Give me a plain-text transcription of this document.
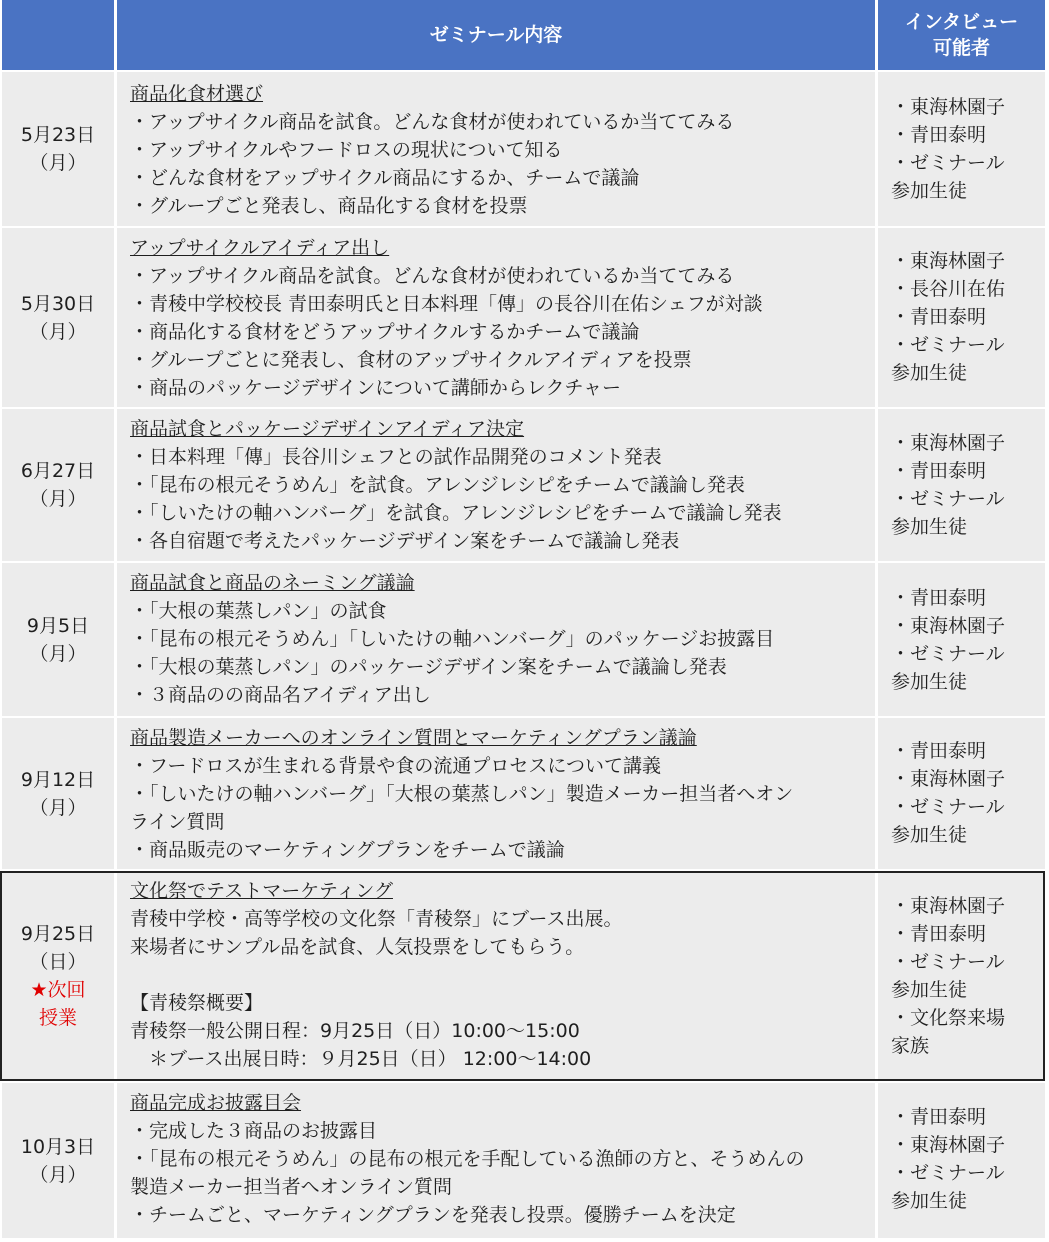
ゼミナール内容
インタビュー
可能者
5月23日
（月）
商品化食材選び
・アップサイクル商品を試食。どんな食材が使われているか当ててみる
・アップサイクルやフードロスの現状について知る
・どんな食材をアップサイクル商品にするか、チームで議論
・グループごと発表し、商品化する食材を投票
・東海林園子
・青田泰明
・ゼミナール
参加生徒
5月30日
（月）
アップサイクルアイディア出し
・アップサイクル商品を試食。どんな食材が使われているか当ててみる
・青稜中学校校長 青田泰明氏と日本料理「傳」の長谷川在佑シェフが対談
・商品化する食材をどうアップサイクルするかチームで議論
・グループごとに発表し、食材のアップサイクルアイディアを投票
・商品のパッケージデザインについて講師からレクチャー
・東海林園子
・長谷川在佑
・青田泰明
・ゼミナール
参加生徒
6月27日
（月）
商品試食とパッケージデザインアイディア決定
・日本料理「傳」長谷川シェフとの試作品開発のコメント発表
・「昆布の根元そうめん」を試食。アレンジレシピをチームで議論し発表
・「しいたけの軸ハンバーグ」を試食。アレンジレシピをチームで議論し発表
・各自宿題で考えたパッケージデザイン案をチームで議論し発表
・東海林園子
・青田泰明
・ゼミナール
参加生徒
9月5日
（月）
商品試食と商品のネーミング議論
・「大根の葉蒸しパン」の試食
・「昆布の根元そうめん」「しいたけの軸ハンバーグ」のパッケージお披露目
・「大根の葉蒸しパン」のパッケージデザイン案をチームで議論し発表
・３商品のの商品名アイディア出し
・青田泰明
・東海林園子
・ゼミナール
参加生徒
9月12日
（月）
商品製造メーカーへのオンライン質問とマーケティングプラン議論
・フードロスが生まれる背景や食の流通プロセスについて講義
・「しいたけの軸ハンバーグ」「大根の葉蒸しパン」製造メーカー担当者へオン
ライン質問
・商品販売のマーケティングプランをチームで議論
・青田泰明
・東海林園子
・ゼミナール
参加生徒
9月25日
（日）
★次回
授業
文化祭でテストマーケティング
青稜中学校・高等学校の文化祭「青稜祭」にブース出展。
来場者にサンプル品を試食、人気投票をしてもらう。
【青稜祭概要】
青稜祭一般公開日程：9月25日（日）10:00～15:00
　＊ブース出展日時：９月25日（日） 12:00～14:00
・東海林園子
・青田泰明
・ゼミナール
参加生徒
・文化祭来場
家族
10月3日
（月）
商品完成お披露目会
・完成した３商品のお披露目
・「昆布の根元そうめん」の昆布の根元を手配している漁師の方と、そうめんの
製造メーカー担当者へオンライン質問
・チームごと、マーケティングプランを発表し投票。優勝チームを決定
・青田泰明
・東海林園子
・ゼミナール
参加生徒
